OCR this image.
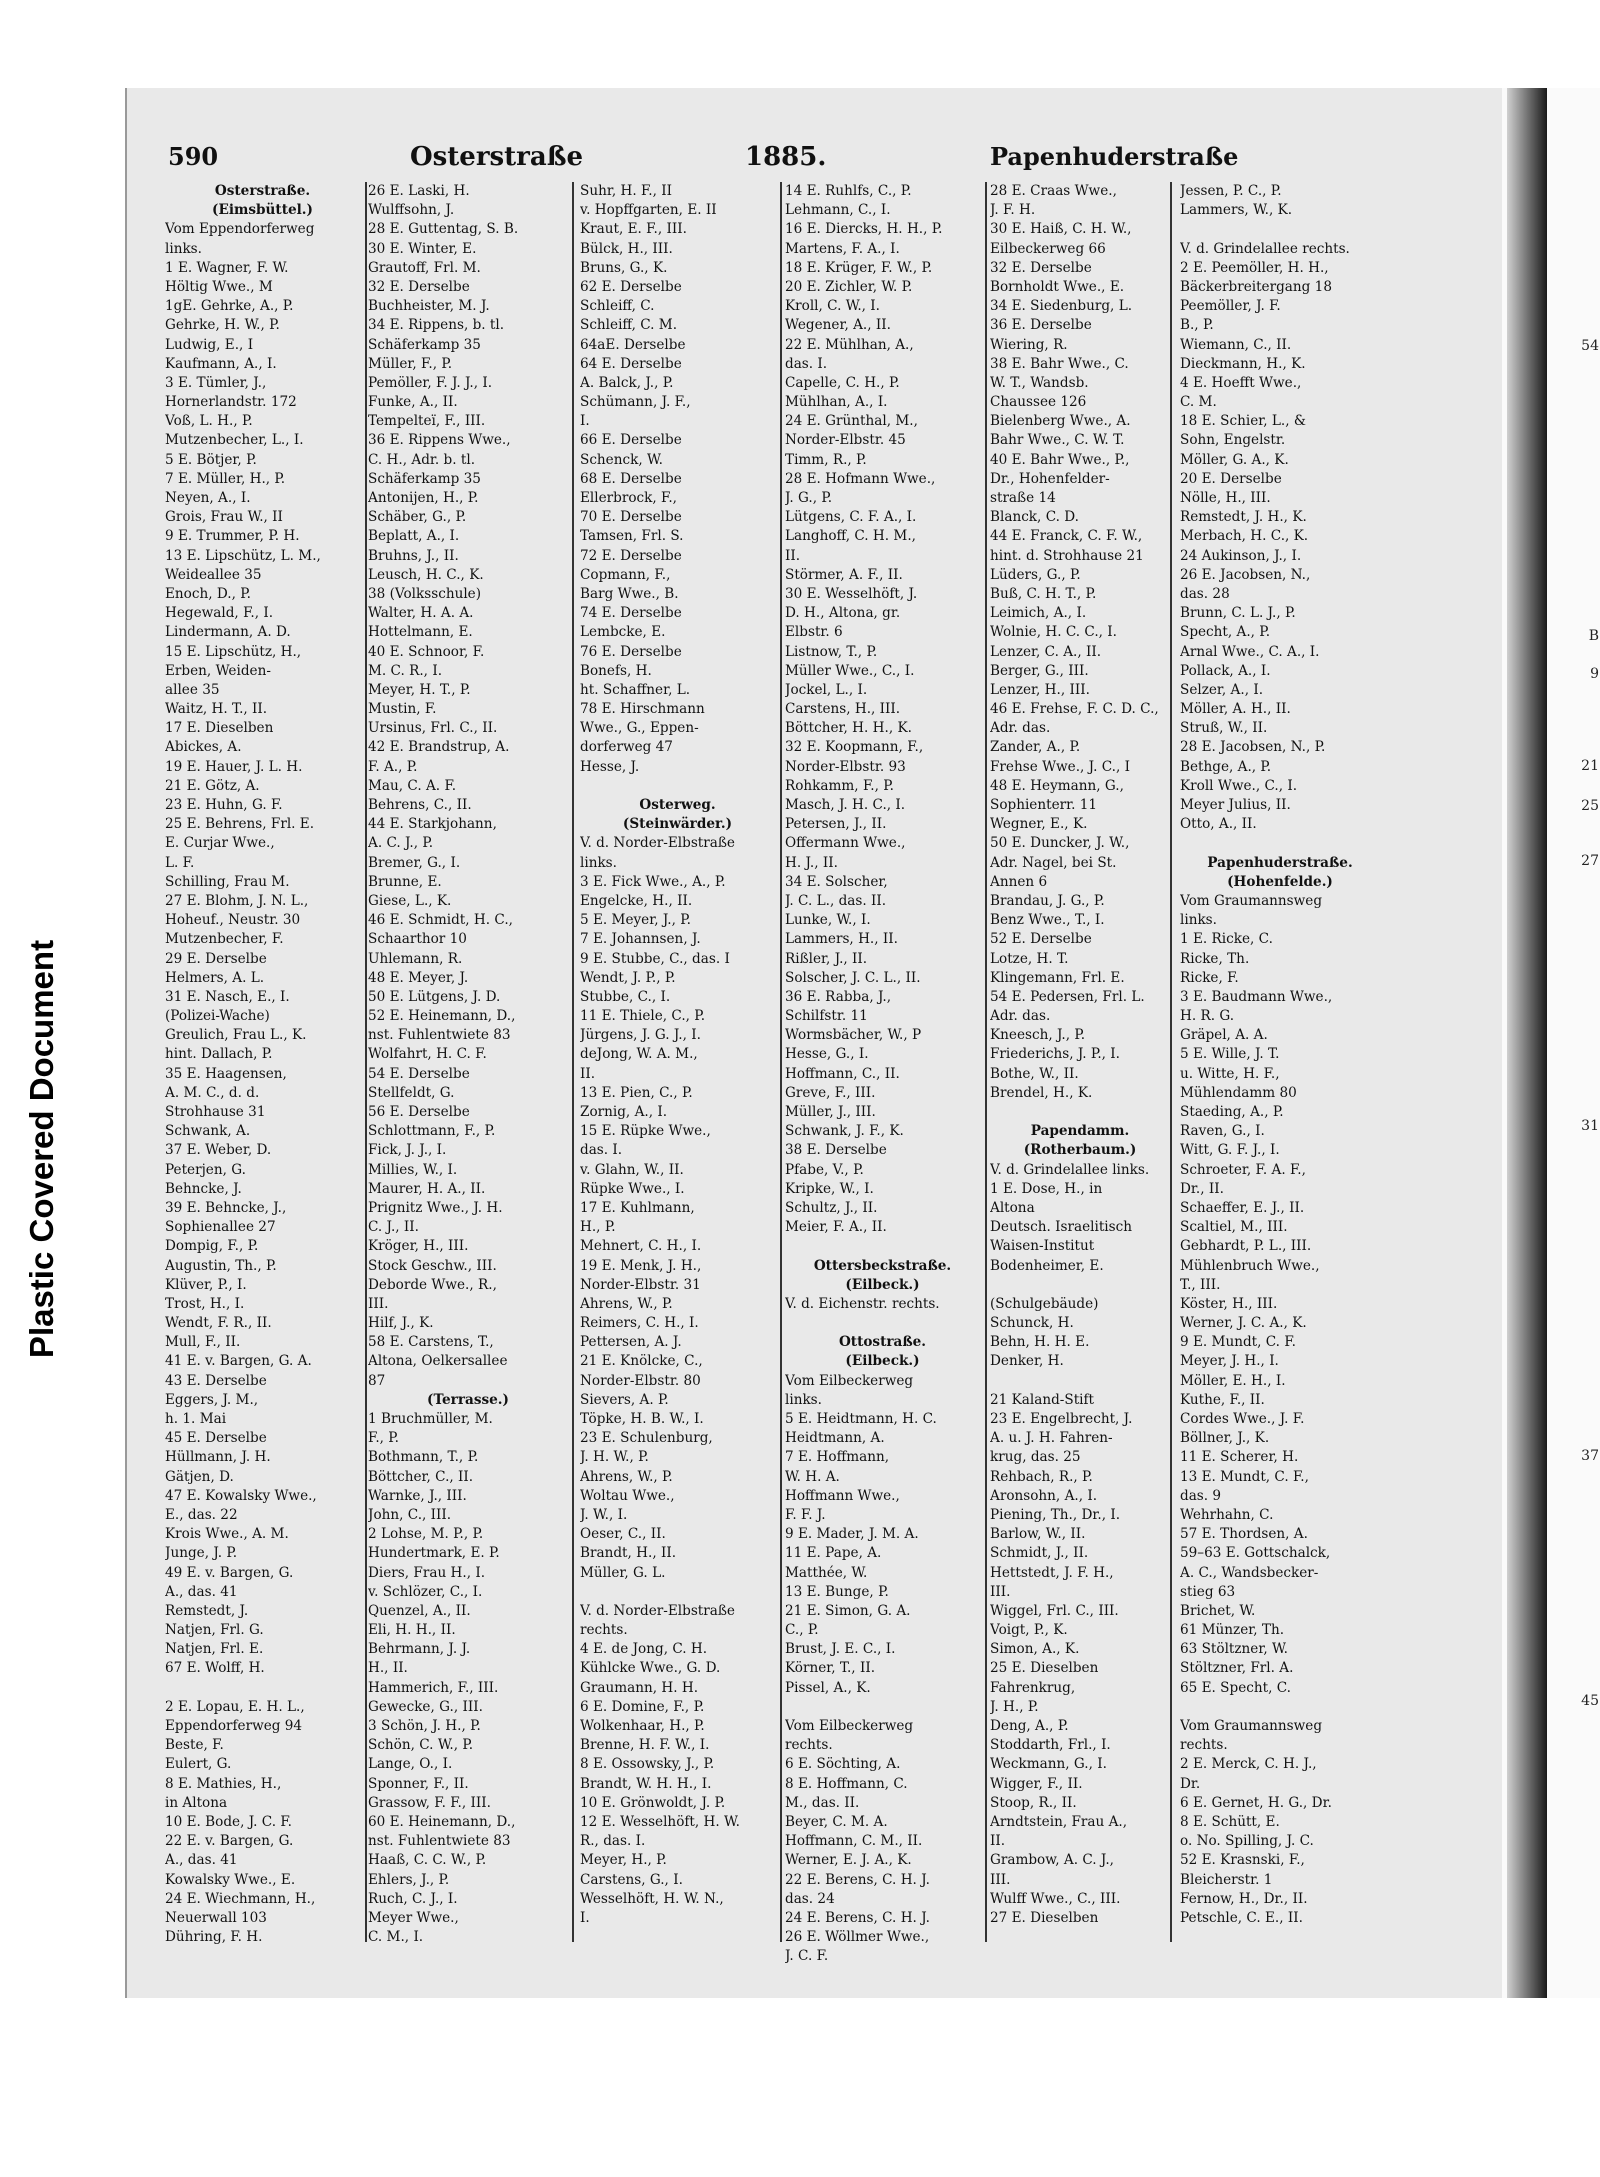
54
B
9
21
25
27
31
37
45
Plastic Covered Document
590	Osterstraße	1885.	Papenhuderstraße
Osterstraße.
(Eimsbüttel.)
Vom Eppendorferweg
links.
1 E. Wagner, F. W.
Höltig Wwe., M
1gE. Gehrke, A., P.
Gehrke, H. W., P.
Ludwig, E., I
Kaufmann, A., I.
3 E. Tümler, J.,
Hornerlandstr. 172
Voß, L. H., P.
Mutzenbecher, L., I.
5 E. Bötjer, P.
7 E. Müller, H., P.
Neyen, A., I.
Grois, Frau W., II
9 E. Trummer, P. H.
13 E. Lipschütz, L. M.,
Weideallee 35
Enoch, D., P.
Hegewald, F., I.
Lindermann, A. D.
15 E. Lipschütz, H.,
Erben, Weiden-
allee 35
Waitz, H. T., II.
17 E. Dieselben
Abickes, A.
19 E. Hauer, J. L. H.
21 E. Götz, A.
23 E. Huhn, G. F.
25 E. Behrens, Frl. E.
E. Curjar Wwe.,
L. F.
Schilling, Frau M.
27 E. Blohm, J. N. L.,
Hoheuf., Neustr. 30
Mutzenbecher, F.
29 E. Derselbe
Helmers, A. L.
31 E. Nasch, E., I.
(Polizei-Wache)
Greulich, Frau L., K.
hint. Dallach, P.
35 E. Haagensen,
A. M. C., d. d.
Strohhause 31
Schwank, A.
37 E. Weber, D.
Peterjen, G.
Behncke, J.
39 E. Behncke, J.,
Sophienallee 27
Dompig, F., P.
Augustin, Th., P.
Klüver, P., I.
Trost, H., I.
Wendt, F. R., II.
Mull, F., II.
41 E. v. Bargen, G. A.
43 E. Derselbe
Eggers, J. M.,
h. 1. Mai
45 E. Derselbe
Hüllmann, J. H.
Gätjen, D.
47 E. Kowalsky Wwe.,
E., das. 22
Krois Wwe., A. M.
Junge, J. P.
49 E. v. Bargen, G.
A., das. 41
Remstedt, J.
Natjen, Frl. G.
Natjen, Frl. E.
67 E. Wolff, H.
2 E. Lopau, E. H. L.,
Eppendorferweg 94
Beste, F.
Eulert, G.
8 E. Mathies, H.,
in Altona
10 E. Bode, J. C. F.
22 E. v. Bargen, G.
A., das. 41
Kowalsky Wwe., E.
24 E. Wiechmann, H.,
Neuerwall 103
Dühring, F. H.
26 E. Laski, H.
Wulffsohn, J.
28 E. Guttentag, S. B.
30 E. Winter, E.
Grautoff, Frl. M.
32 E. Derselbe
Buchheister, M. J.
34 E. Rippens, b. tl.
Schäferkamp 35
Müller, F., P.
Pemöller, F. J. J., I.
Funke, A., II.
Tempelteï, F., III.
36 E. Rippens Wwe.,
C. H., Adr. b. tl.
Schäferkamp 35
Antonijen, H., P.
Schäber, G., P.
Beplatt, A., I.
Bruhns, J., II.
Leusch, H. C., K.
38 (Volksschule)
Walter, H. A. A.
Hottelmann, E.
40 E. Schnoor, F.
M. C. R., I.
Meyer, H. T., P.
Mustin, F.
Ursinus, Frl. C., II.
42 E. Brandstrup, A.
F. A., P.
Mau, C. A. F.
Behrens, C., II.
44 E. Starkjohann,
A. C. J., P.
Bremer, G., I.
Brunne, E.
Giese, L., K.
46 E. Schmidt, H. C.,
Schaarthor 10
Uhlemann, R.
48 E. Meyer, J.
50 E. Lütgens, J. D.
52 E. Heinemann, D.,
nst. Fuhlentwiete 83
Wolfahrt, H. C. F.
54 E. Derselbe
Stellfeldt, G.
56 E. Derselbe
Schlottmann, F., P.
Fick, J. J., I.
Millies, W., I.
Maurer, H. A., II.
Prignitz Wwe., J. H.
C. J., II.
Kröger, H., III.
Stock Geschw., III.
Deborde Wwe., R.,
III.
Hilf, J., K.
58 E. Carstens, T.,
Altona, Oelkersallee
87
(Terrasse.)
1 Bruchmüller, M.
F., P.
Bothmann, T., P.
Böttcher, C., II.
Warnke, J., III.
John, C., III.
2 Lohse, M. P., P.
Hundertmark, E. P.
Diers, Frau H., I.
v. Schlözer, C., I.
Quenzel, A., II.
Eli, H. H., II.
Behrmann, J. J.
H., II.
Hammerich, F., III.
Gewecke, G., III.
3 Schön, J. H., P.
Schön, C. W., P.
Lange, O., I.
Sponner, F., II.
Grassow, F. F., III.
60 E. Heinemann, D.,
nst. Fuhlentwiete 83
Haaß, C. C. W., P.
Ehlers, J., P.
Ruch, C. J., I.
Meyer Wwe.,
C. M., I.
Suhr, H. F., II
v. Hopffgarten, E. II
Kraut, E. F., III.
Bülck, H., III.
Bruns, G., K.
62 E. Derselbe
Schleiff, C.
Schleiff, C. M.
64aE. Derselbe
64 E. Derselbe
A. Balck, J., P.
Schümann, J. F.,
I.
66 E. Derselbe
Schenck, W.
68 E. Derselbe
Ellerbrock, F.,
70 E. Derselbe
Tamsen, Frl. S.
72 E. Derselbe
Copmann, F.,
Barg Wwe., B.
74 E. Derselbe
Lembcke, E.
76 E. Derselbe
Bonefs, H.
ht. Schaffner, L.
78 E. Hirschmann
Wwe., G., Eppen-
dorferweg 47
Hesse, J.
Osterweg.
(Steinwärder.)
V. d. Norder-Elbstraße
links.
3 E. Fick Wwe., A., P.
Engelcke, H., II.
5 E. Meyer, J., P.
7 E. Johannsen, J.
9 E. Stubbe, C., das. I
Wendt, J. P., P.
Stubbe, C., I.
11 E. Thiele, C., P.
Jürgens, J. G. J., I.
deJong, W. A. M.,
II.
13 E. Pien, C., P.
Zornig, A., I.
15 E. Rüpke Wwe.,
das. I.
v. Glahn, W., II.
Rüpke Wwe., I.
17 E. Kuhlmann,
H., P.
Mehnert, C. H., I.
19 E. Menk, J. H.,
Norder-Elbstr. 31
Ahrens, W., P.
Reimers, C. H., I.
Pettersen, A. J.
21 E. Knölcke, C.,
Norder-Elbstr. 80
Sievers, A. P.
Töpke, H. B. W., I.
23 E. Schulenburg,
J. H. W., P.
Ahrens, W., P.
Woltau Wwe.,
J. W., I.
Oeser, C., II.
Brandt, H., II.
Müller, G. L.
V. d. Norder-Elbstraße
rechts.
4 E. de Jong, C. H.
Kühlcke Wwe., G. D.
Graumann, H. H.
6 E. Domine, F., P.
Wolkenhaar, H., P.
Brenne, H. F. W., I.
8 E. Ossowsky, J., P.
Brandt, W. H. H., I.
10 E. Grönwoldt, J. P.
12 E. Wesselhöft, H. W.
R., das. I.
Meyer, H., P.
Carstens, G., I.
Wesselhöft, H. W. N.,
I.
14 E. Ruhlfs, C., P.
Lehmann, C., I.
16 E. Diercks, H. H., P.
Martens, F. A., I.
18 E. Krüger, F. W., P.
20 E. Zichler, W. P.
Kroll, C. W., I.
Wegener, A., II.
22 E. Mühlhan, A.,
das. I.
Capelle, C. H., P.
Mühlhan, A., I.
24 E. Grünthal, M.,
Norder-Elbstr. 45
Timm, R., P.
28 E. Hofmann Wwe.,
J. G., P.
Lütgens, C. F. A., I.
Langhoff, C. H. M.,
II.
Störmer, A. F., II.
30 E. Wesselhöft, J.
D. H., Altona, gr.
Elbstr. 6
Listnow, T., P.
Müller Wwe., C., I.
Jockel, L., I.
Carstens, H., III.
Böttcher, H. H., K.
32 E. Koopmann, F.,
Norder-Elbstr. 93
Rohkamm, F., P.
Masch, J. H. C., I.
Petersen, J., II.
Offermann Wwe.,
H. J., II.
34 E. Solscher,
J. C. L., das. II.
Lunke, W., I.
Lammers, H., II.
Rißler, J., II.
Solscher, J. C. L., II.
36 E. Rabba, J.,
Schilfstr. 11
Wormsbächer, W., P
Hesse, G., I.
Hoffmann, C., II.
Greve, F., III.
Müller, J., III.
Schwank, J. F., K.
38 E. Derselbe
Pfabe, V., P.
Kripke, W., I.
Schultz, J., II.
Meier, F. A., II.
Ottersbeckstraße.
(Eilbeck.)
V. d. Eichenstr. rechts.
Ottostraße.
(Eilbeck.)
Vom Eilbeckerweg
links.
5 E. Heidtmann, H. C.
Heidtmann, A.
7 E. Hoffmann,
W. H. A.
Hoffmann Wwe.,
F. F. J.
9 E. Mader, J. M. A.
11 E. Pape, A.
Matthée, W.
13 E. Bunge, P.
21 E. Simon, G. A.
C., P.
Brust, J. E. C., I.
Körner, T., II.
Pissel, A., K.
Vom Eilbeckerweg
rechts.
6 E. Söchting, A.
8 E. Hoffmann, C.
M., das. II.
Beyer, C. M. A.
Hoffmann, C. M., II.
Werner, E. J. A., K.
22 E. Berens, C. H. J.
das. 24
24 E. Berens, C. H. J.
26 E. Wöllmer Wwe.,
J. C. F.
28 E. Craas Wwe.,
J. F. H.
30 E. Haiß, C. H. W.,
Eilbeckerweg 66
32 E. Derselbe
Bornholdt Wwe., E.
34 E. Siedenburg, L.
36 E. Derselbe
Wiering, R.
38 E. Bahr Wwe., C.
W. T., Wandsb.
Chaussee 126
Bielenberg Wwe., A.
Bahr Wwe., C. W. T.
40 E. Bahr Wwe., P.,
Dr., Hohenfelder-
straße 14
Blanck, C. D.
44 E. Franck, C. F. W.,
hint. d. Strohhause 21
Lüders, G., P.
Buß, C. H. T., P.
Leimich, A., I.
Wolnie, H. C. C., I.
Lenzer, C. A., II.
Berger, G., III.
Lenzer, H., III.
46 E. Frehse, F. C. D. C.,
Adr. das.
Zander, A., P.
Frehse Wwe., J. C., I
48 E. Heymann, G.,
Sophienterr. 11
Wegner, E., K.
50 E. Duncker, J. W.,
Adr. Nagel, bei St.
Annen 6
Brandau, J. G., P.
Benz Wwe., T., I.
52 E. Derselbe
Lotze, H. T.
Klingemann, Frl. E.
54 E. Pedersen, Frl. L.
Adr. das.
Kneesch, J., P.
Friederichs, J. P., I.
Bothe, W., II.
Brendel, H., K.
Papendamm.
(Rotherbaum.)
V. d. Grindelallee links.
1 E. Dose, H., in
Altona
Deutsch. Israelitisch
Waisen-Institut
Bodenheimer, E.
(Schulgebäude)
Schunck, H.
Behn, H. H. E.
Denker, H.
21 Kaland-Stift
23 E. Engelbrecht, J.
A. u. J. H. Fahren-
krug, das. 25
Rehbach, R., P.
Aronsohn, A., I.
Piening, Th., Dr., I.
Barlow, W., II.
Schmidt, J., II.
Hettstedt, J. F. H.,
III.
Wiggel, Frl. C., III.
Voigt, P., K.
Simon, A., K.
25 E. Dieselben
Fahrenkrug,
J. H., P.
Deng, A., P.
Stoddarth, Frl., I.
Weckmann, G., I.
Wigger, F., II.
Stoop, R., II.
Arndtstein, Frau A.,
II.
Grambow, A. C. J.,
III.
Wulff Wwe., C., III.
27 E. Dieselben
Jessen, P. C., P.
Lammers, W., K.
V. d. Grindelallee rechts.
2 E. Peemöller, H. H.,
Bäckerbreitergang 18
Peemöller, J. F.
B., P.
Wiemann, C., II.
Dieckmann, H., K.
4 E. Hoefft Wwe.,
C. M.
18 E. Schier, L., &
Sohn, Engelstr.
Möller, G. A., K.
20 E. Derselbe
Nölle, H., III.
Remstedt, J. H., K.
Merbach, H. C., K.
24 Aukinson, J., I.
26 E. Jacobsen, N.,
das. 28
Brunn, C. L. J., P.
Specht, A., P.
Arnal Wwe., C. A., I.
Pollack, A., I.
Selzer, A., I.
Möller, A. H., II.
Struß, W., II.
28 E. Jacobsen, N., P.
Bethge, A., P.
Kroll Wwe., C., I.
Meyer Julius, II.
Otto, A., II.
Papenhuderstraße.
(Hohenfelde.)
Vom Graumannsweg
links.
1 E. Ricke, C.
Ricke, Th.
Ricke, F.
3 E. Baudmann Wwe.,
H. R. G.
Gräpel, A. A.
5 E. Wille, J. T.
u. Witte, H. F.,
Mühlendamm 80
Staeding, A., P.
Raven, G., I.
Witt, G. F. J., I.
Schroeter, F. A. F.,
Dr., II.
Schaeffer, E. J., II.
Scaltiel, M., III.
Gebhardt, P. L., III.
Mühlenbruch Wwe.,
T., III.
Köster, H., III.
Werner, J. C. A., K.
9 E. Mundt, C. F.
Meyer, J. H., I.
Möller, E. H., I.
Kuthe, F., II.
Cordes Wwe., J. F.
Böllner, J., K.
11 E. Scherer, H.
13 E. Mundt, C. F.,
das. 9
Wehrhahn, C.
57 E. Thordsen, A.
59–63 E. Gottschalck,
A. C., Wandsbecker-
stieg 63
Brichet, W.
61 Münzer, Th.
63 Stöltzner, W.
Stöltzner, Frl. A.
65 E. Specht, C.
Vom Graumannsweg
rechts.
2 E. Merck, C. H. J.,
Dr.
6 E. Gernet, H. G., Dr.
8 E. Schütt, E.
o. No. Spilling, J. C.
52 E. Krasnski, F.,
Bleicherstr. 1
Fernow, H., Dr., II.
Petschle, C. E., II.
